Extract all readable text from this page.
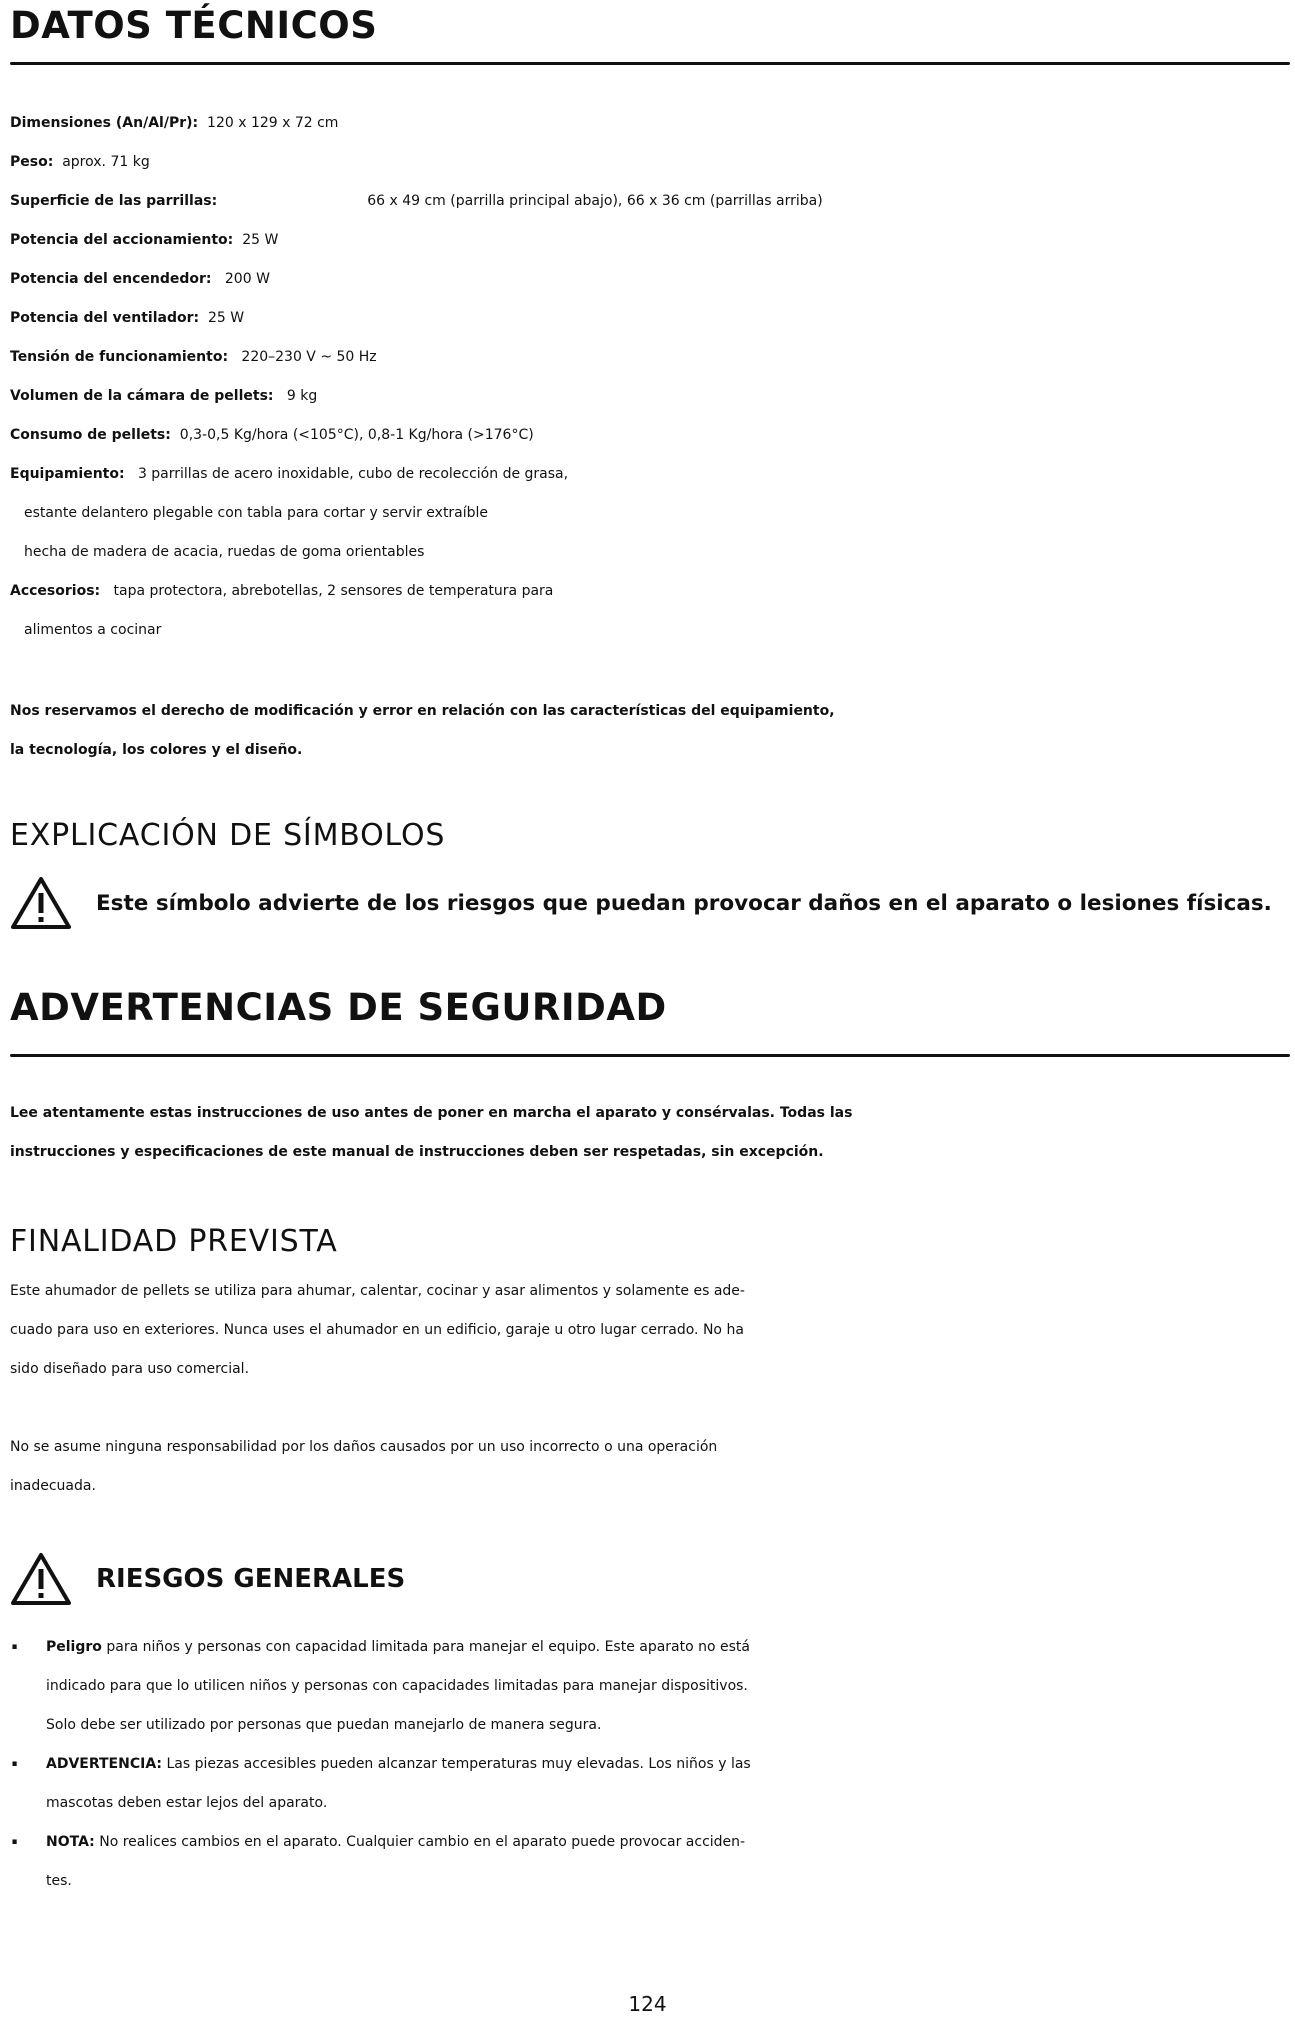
DATOS TÉCNICOS
Dimensiones (An/Al/Pr): 120 x 129 x 72 cm
Peso: aprox. 71 kg
Superficie de las parrillas:	66 x 49 cm (parrilla principal abajo), 66 x 36 cm (parrillas arriba)
Potencia del accionamiento: 25 W
Potencia del encendedor: 200 W
Potencia del ventilador: 25 W
Tensión de funcionamiento: 220–230 V ~ 50 Hz
Volumen de la cámara de pellets: 9 kg
Consumo de pellets: 0,3-0,5 Kg/hora (<105°C), 0,8-1 Kg/hora (>176°C)
Equipamiento: 3 parrillas de acero inoxidable, cubo de recolección de grasa,
estante delantero plegable con tabla para cortar y servir extraíble
hecha de madera de acacia, ruedas de goma orientables
Accesorios: tapa protectora, abrebotellas, 2 sensores de temperatura para
alimentos a cocinar

Nos reservamos el derecho de modificación y error en relación con las características del equipamiento,

la tecnología, los colores y el diseño.

EXPLICACIÓN DE SÍMBOLOS
Este símbolo advierte de los riesgos que puedan provocar daños en el aparato o lesiones físicas.
ADVERTENCIAS DE SEGURIDAD

Lee atentamente estas instrucciones de uso antes de poner en marcha el aparato y consérvalas. Todas las

instrucciones y especificaciones de este manual de instrucciones deben ser respetadas, sin excepción.

FINALIDAD PREVISTA

Este ahumador de pellets se utiliza para ahumar, calentar, cocinar y asar alimentos y solamente es ade-

cuado para uso en exteriores. Nunca uses el ahumador en un edificio, garaje u otro lugar cerrado. No ha

sido diseñado para uso comercial.

No se asume ninguna responsabilidad por los daños causados por un uso incorrecto o una operación

inadecuada.

RIESGOS GENERALES
· Peligro para niños y personas con capacidad limitada para manejar el equipo. Este aparato no está
indicado para que lo utilicen niños y personas con capacidades limitadas para manejar dispositivos.
Solo debe ser utilizado por personas que puedan manejarlo de manera segura.
· ADVERTENCIA: Las piezas accesibles pueden alcanzar temperaturas muy elevadas. Los niños y las
mascotas deben estar lejos del aparato.
· NOTA: No realices cambios en el aparato. Cualquier cambio en el aparato puede provocar acciden-
tes.
124
